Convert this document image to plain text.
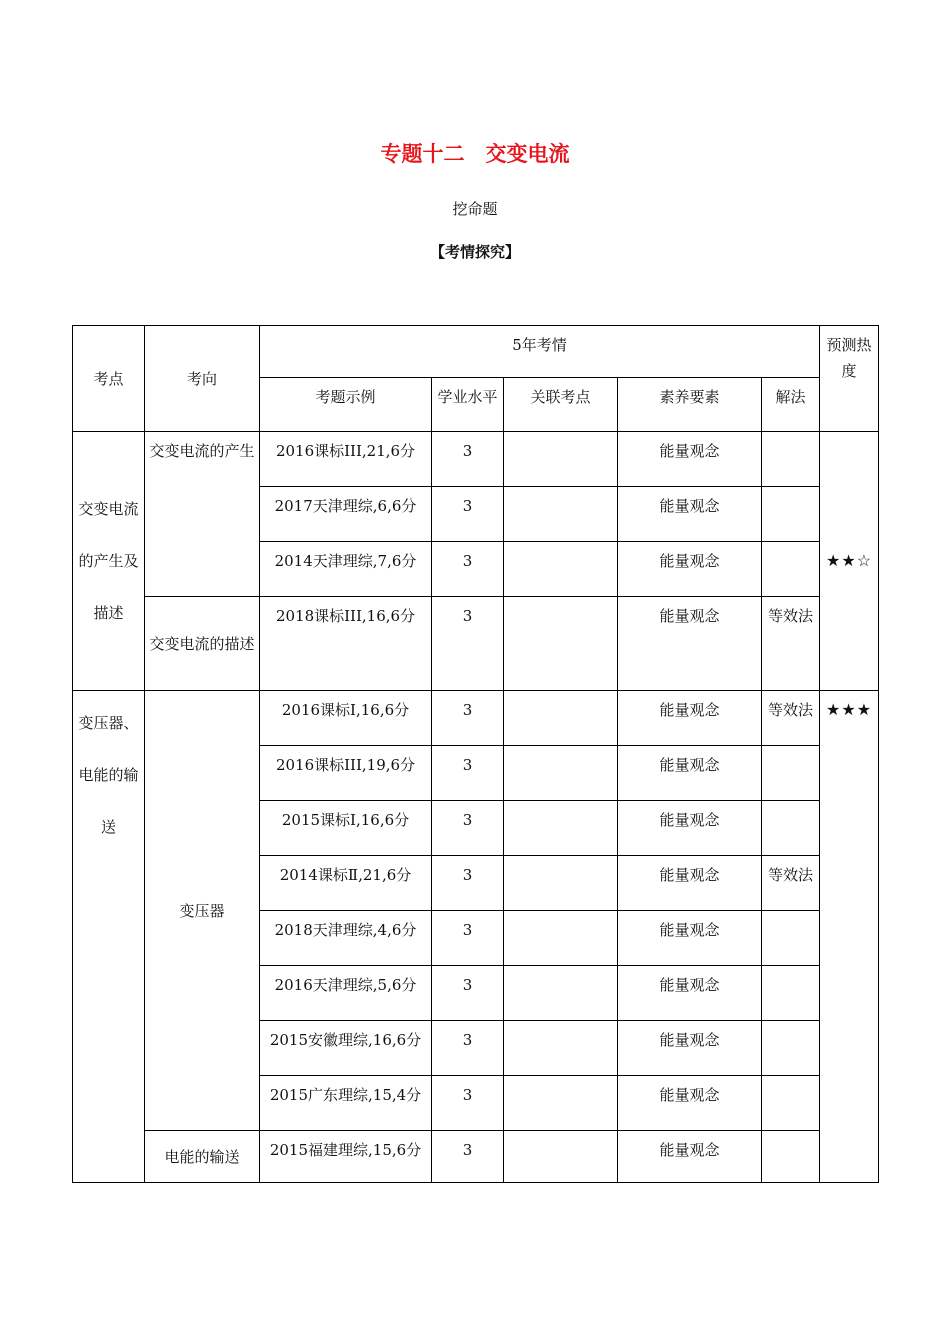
专题十二　交变电流
挖命题
【考情探究】
考点	考向	5年考情					预测热度
		考题示例	学业水平	关联考点	素养要素	解法	
交变电流的产生及描述	交变电流的产生	2016课标III,21,6分	3		能量观念		★★☆
		2017天津理综,6,6分	3		能量观念		
		2014天津理综,7,6分	3		能量观念		
	交变电流的描述	2018课标III,16,6分	3		能量观念	等效法	
变压器、电能的输送	变压器	2016课标Ⅰ,16,6分	3		能量观念	等效法	★★★
		2016课标III,19,6分	3		能量观念		
		2015课标Ⅰ,16,6分	3		能量观念		
		2014课标Ⅱ,21,6分	3		能量观念	等效法	
		2018天津理综,4,6分	3		能量观念		
		2016天津理综,5,6分	3		能量观念		
		2015安徽理综,16,6分	3		能量观念		
		2015广东理综,15,4分	3		能量观念		
	电能的输送	2015福建理综,15,6分	3		能量观念		
